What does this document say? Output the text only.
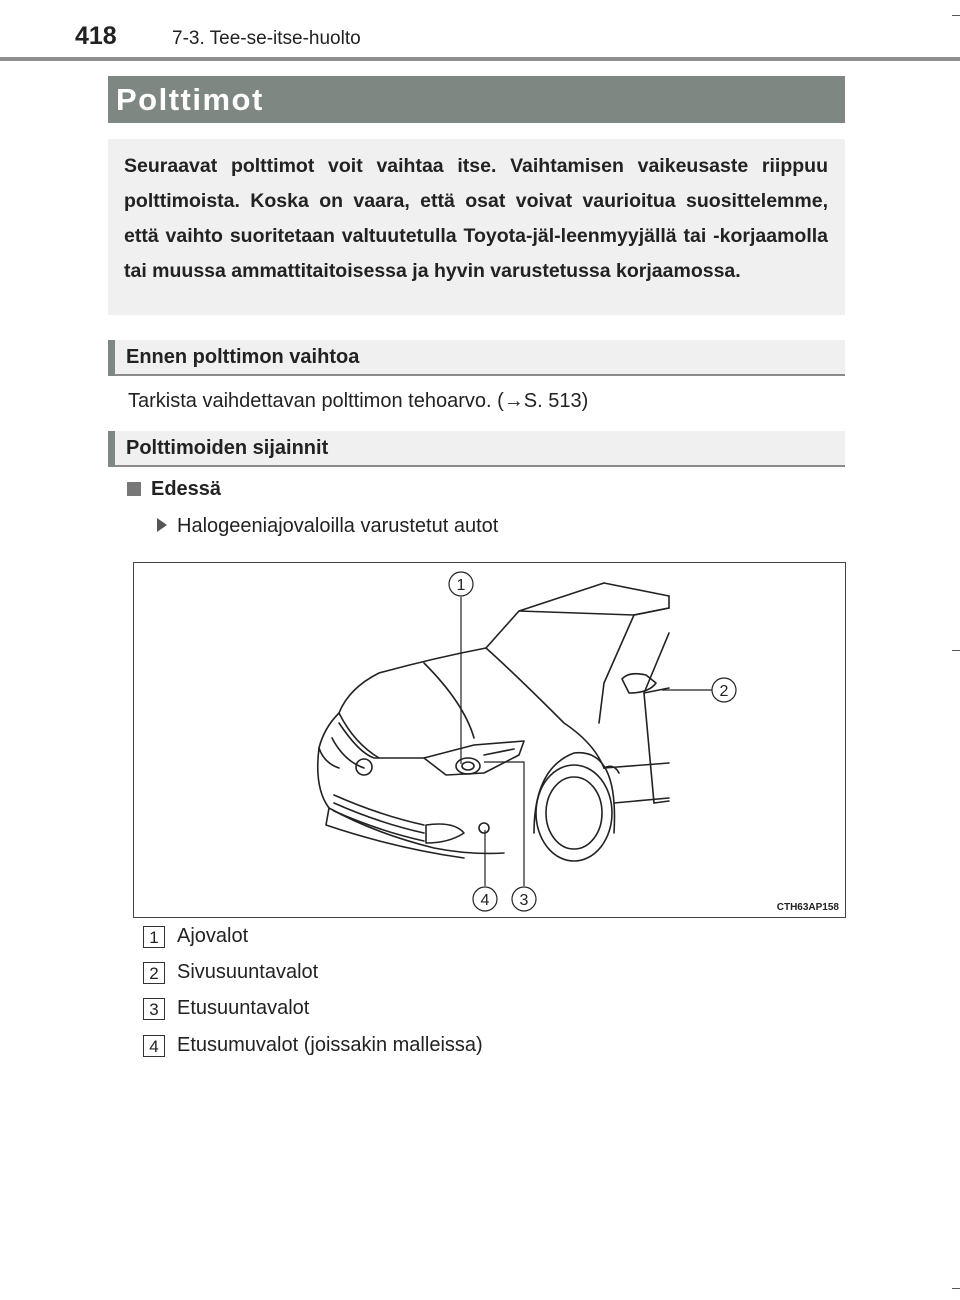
418	7-3. Tee-se-itse-huolto
Polttimot

Seuraavat polttimot voit vaihtaa itse. Vaihtamisen vaikeusaste riippuu polttimoista. Koska on vaara, että osat voivat vaurioitua suosittelemme, että vaihto suoritetaan valtuutetulla Toyota-jäl-leenmyyjällä tai -korjaamolla tai muussa ammattitaitoisessa ja hyvin varustetussa korjaamossa.

Ennen polttimon vaihtoa
Tarkista vaihdettavan polttimon tehoarvo. (→S. 513)
Polttimoiden sijainnit
Edessä
Halogeeniajovaloilla varustetut autot
1
2
3
4	CTH63AP158
1 Ajovalot
2 Sivusuuntavalot
3 Etusuuntavalot
4 Etusumuvalot (joissakin malleissa)
